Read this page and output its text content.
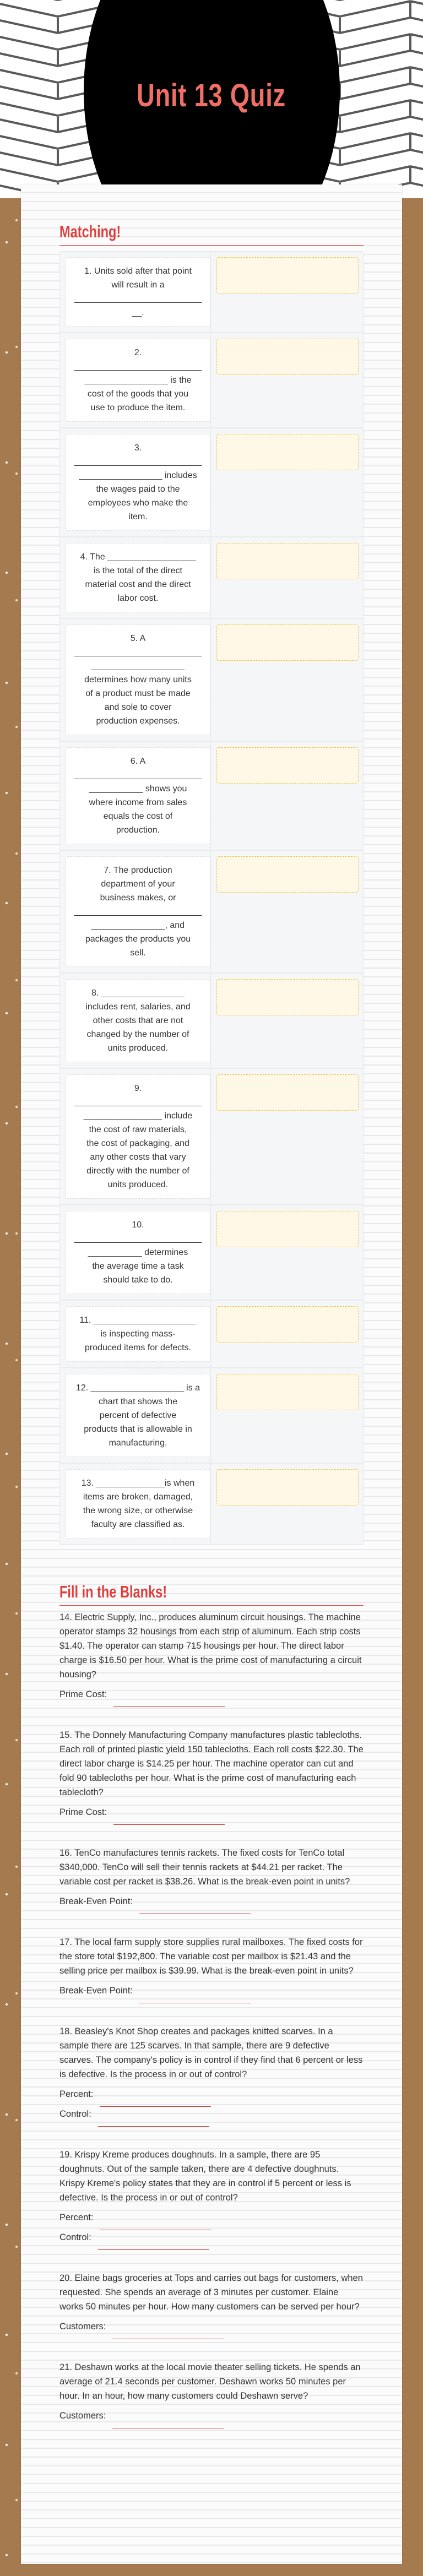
Unit 13 Quiz
Matching!
1. Units sold after that point
will result in a
__________________________
__.
2.
__________________________
_________________ is the
cost of the goods that you
use to produce the item.
3.
__________________________
_________________ includes
the wages paid to the
employees who make the
item.
4. The __________________
is the total of the direct
material cost and the direct
labor cost.
5. A
__________________________
___________________
determines how many units
of a product must be made
and sole to cover
production expenses.
6. A
__________________________
___________ shows you
where income from sales
equals the cost of
production.
7. The production
department of your
business makes, or
__________________________
_______________, and
packages the products you
sell.
8. _________________
includes rent, salaries, and
other costs that are not
changed by the number of
units produced.
9.
__________________________
________________ include
the cost of raw materials,
the cost of packaging, and
any other costs that vary
directly with the number of
units produced.
10.
__________________________
___________ determines
the average time a task
should take to do.
11. _____________________
is inspecting mass-
produced items for defects.
12. ___________________ is a
chart that shows the
percent of defective
products that is allowable in
manufacturing.
13. ______________is when
items are broken, damaged,
the wrong size, or otherwise
faculty are classified as.
Fill in the Blanks!
14. Electric Supply, Inc., produces aluminum circuit housings. The machine operator stamps 32 housings from each strip of aluminum. Each strip costs $1.40. The operator can stamp 715 housings per hour. The direct labor charge is $16.50 per hour. What is the prime cost of manufacturing a circuit housing?
Prime Cost:
15. The Donnely Manufacturing Company manufactures plastic tablecloths. Each roll of printed plastic yield 150 tablecloths. Each roll costs $22.30. The direct labor charge is $14.25 per hour. The machine operator can cut and fold 90 tablecloths per hour. What is the prime cost of manufacturing each tablecloth?
Prime Cost:
16. TenCo manufactures tennis rackets. The fixed costs for TenCo total $340,000. TenCo will sell their tennis rackets at $44.21 per racket. The variable cost per racket is $38.26. What is the break-even point in units?
Break-Even Point:
17. The local farm supply store supplies rural mailboxes. The fixed costs for the store total $192,800. The variable cost per mailbox is $21.43 and the selling price per mailbox is $39.99. What is the break-even point in units?
Break-Even Point:
18. Beasley's Knot Shop creates and packages knitted scarves. In a sample there are 125 scarves. In that sample, there are 9 defective scarves. The company's policy is in control if they find that 6 percent or less is defective. Is the process in or out of control?
Percent:
Control:
19. Krispy Kreme produces doughnuts. In a sample, there are 95 doughnuts. Out of the sample taken, there are 4 defective doughnuts. Krispy Kreme's policy states that they are in control if 5 percent or less is defective. Is the process in or out of control?
Percent:
Control:
20. Elaine bags groceries at Tops and carries out bags for customers, when requested. She spends an average of 3 minutes per customer. Elaine works 50 minutes per hour. How many customers can be served per hour?
Customers:
21. Deshawn works at the local movie theater selling tickets. He spends an average of 21.4 seconds per customer. Deshawn works 50 minutes per hour. In an hour, how many customers could Deshawn serve?
Customers:
